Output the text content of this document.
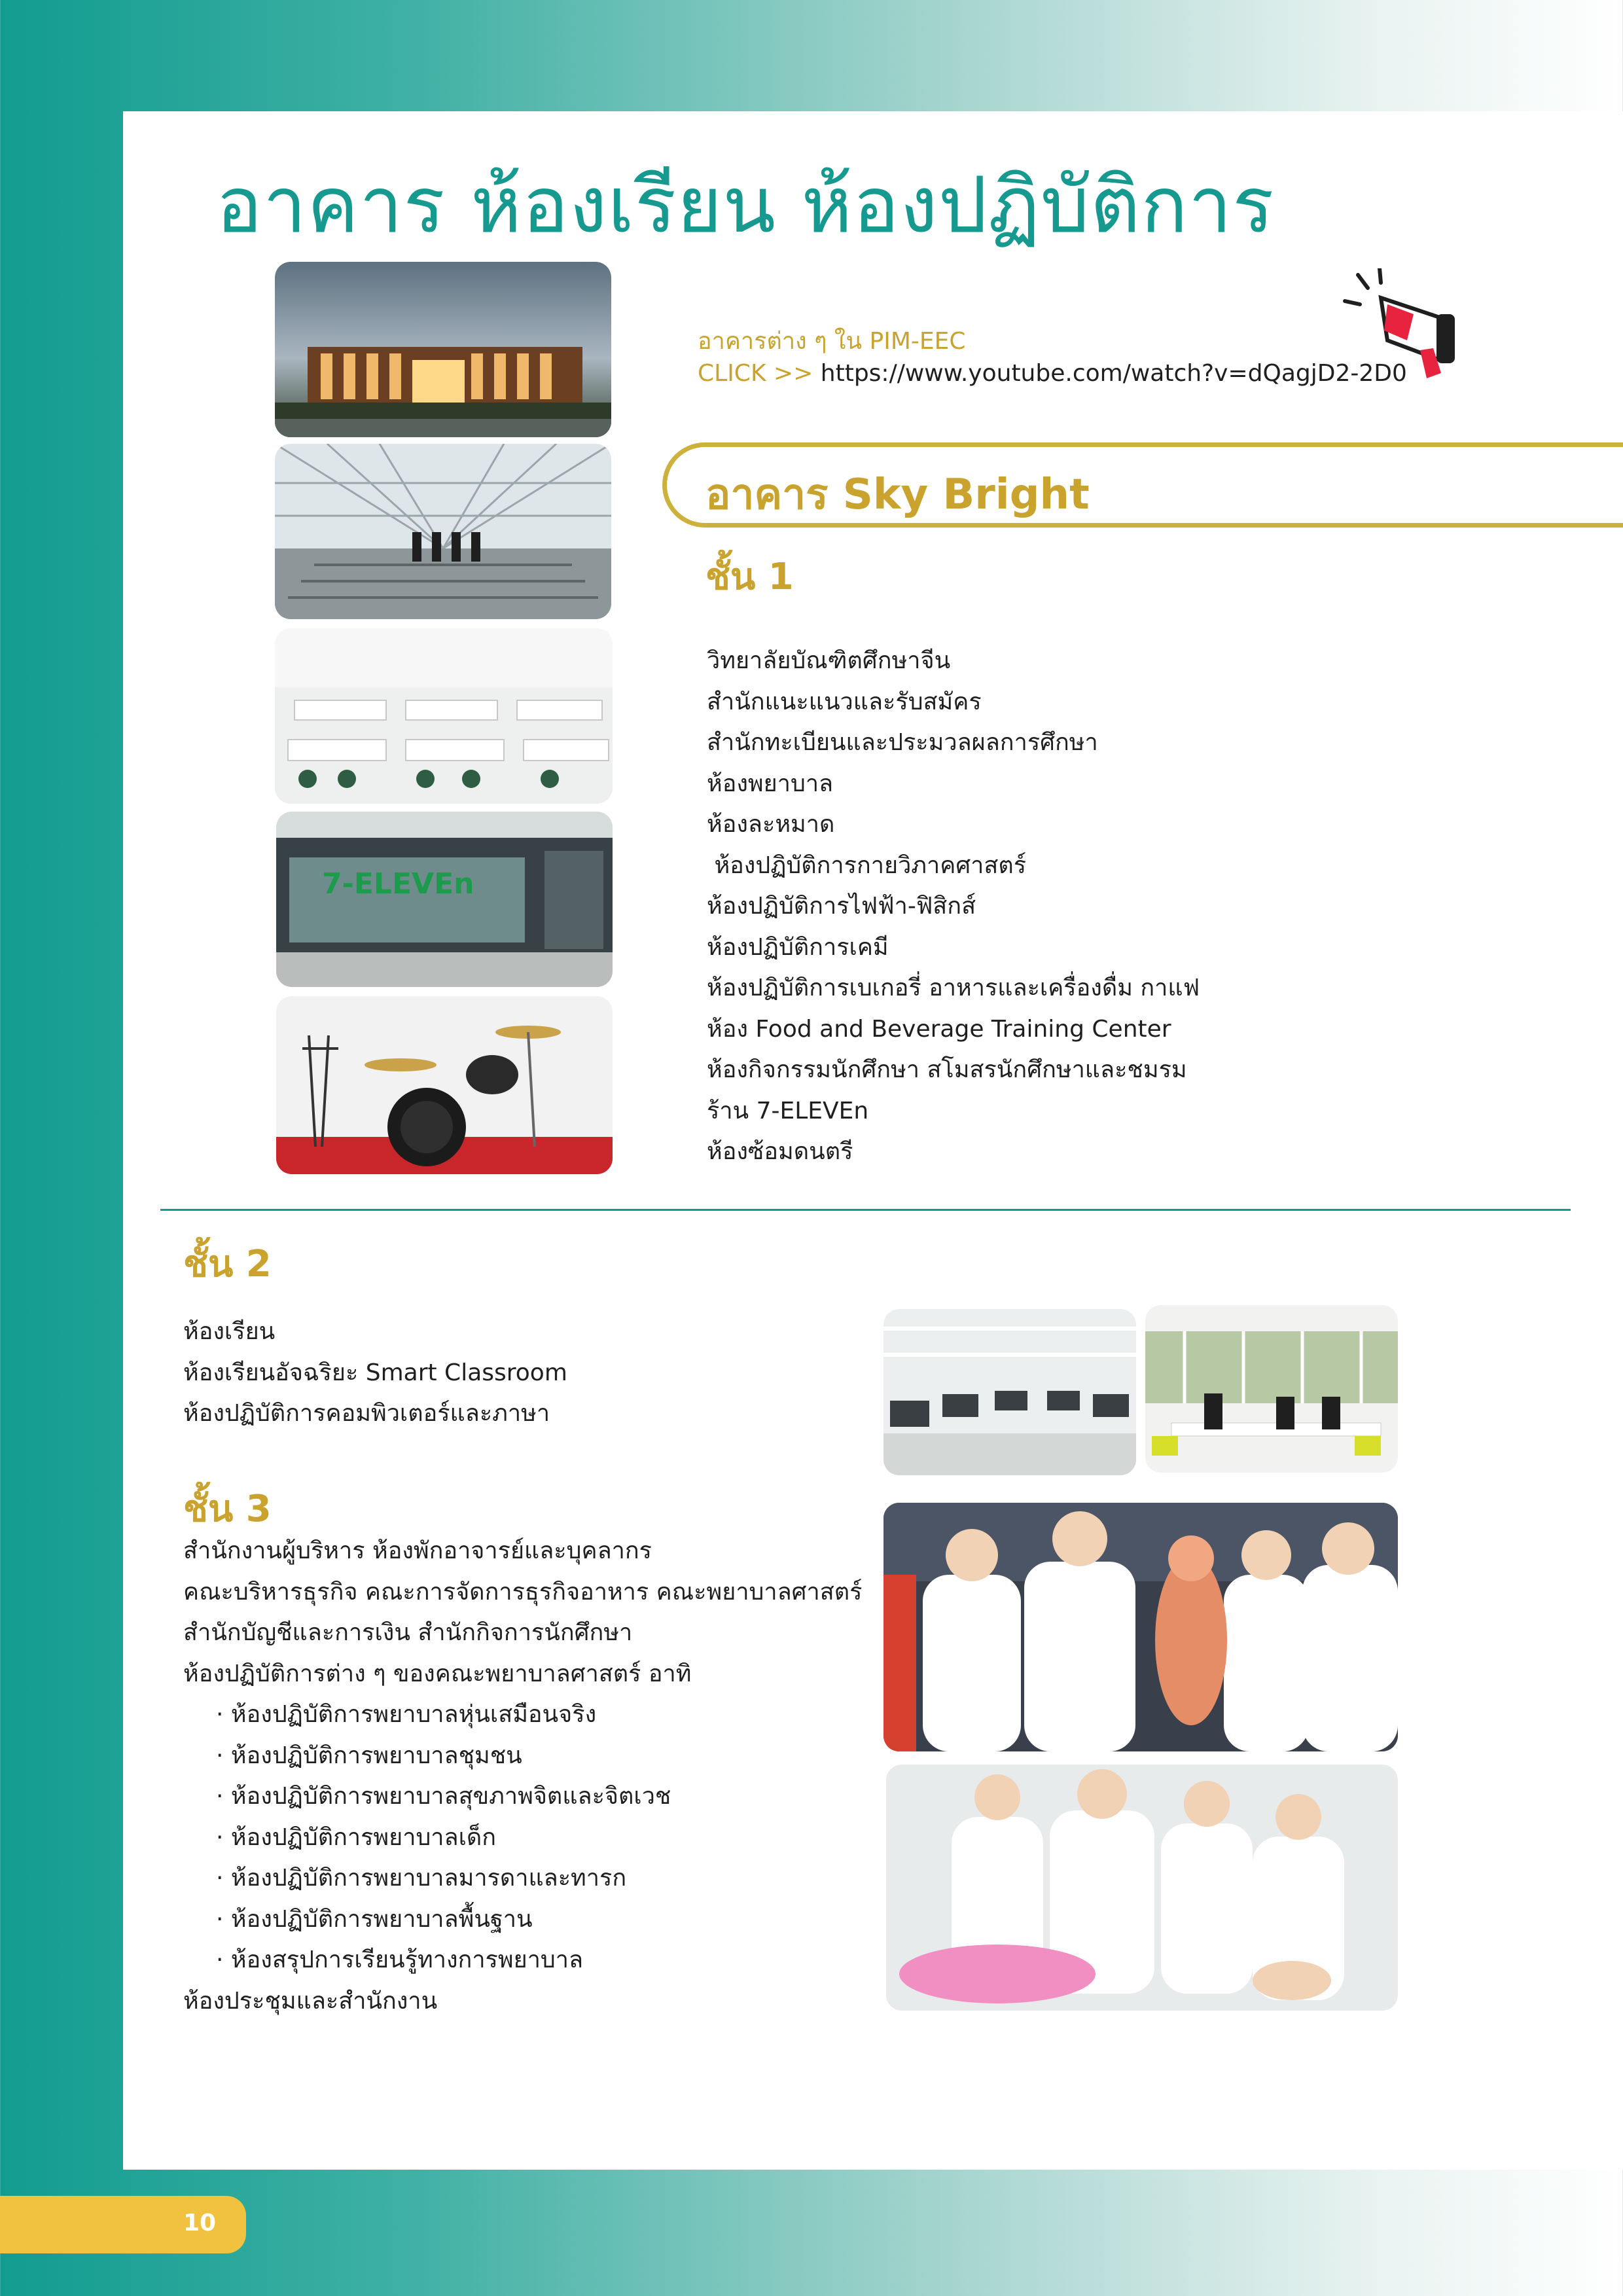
อาคาร ห้องเรียน ห้องปฏิบัติการ
7-ELEVEn
อาคารต่าง ๆ ใน PIM-EEC
CLICK >> https://www.youtube.com/watch?v=dQagjD2-2D0
อาคาร Sky Bright
ชั้น 1
วิทยาลัยบัณฑิตศึกษาจีน
สำนักแนะแนวและรับสมัคร
สำนักทะเบียนและประมวลผลการศึกษา
ห้องพยาบาล
ห้องละหมาด
ห้องปฏิบัติการกายวิภาคศาสตร์
ห้องปฏิบัติการไฟฟ้า-ฟิสิกส์
ห้องปฏิบัติการเคมี
ห้องปฏิบัติการเบเกอรี่ อาหารและเครื่องดื่ม กาแฟ
ห้อง Food and Beverage Training Center
ห้องกิจกรรมนักศึกษา สโมสรนักศึกษาและชมรม
ร้าน 7-ELEVEn
ห้องซ้อมดนตรี
ชั้น 2
ห้องเรียน
ห้องเรียนอัจฉริยะ Smart Classroom
ห้องปฏิบัติการคอมพิวเตอร์และภาษา
ชั้น 3
สำนักงานผู้บริหาร ห้องพักอาจารย์และบุคลากร
คณะบริหารธุรกิจ คณะการจัดการธุรกิจอาหาร คณะพยาบาลศาสตร์
สำนักบัญชีและการเงิน สำนักกิจการนักศึกษา
ห้องปฏิบัติการต่าง ๆ ของคณะพยาบาลศาสตร์ อาทิ
· ห้องปฏิบัติการพยาบาลหุ่นเสมือนจริง
· ห้องปฏิบัติการพยาบาลชุมชน
· ห้องปฏิบัติการพยาบาลสุขภาพจิตและจิตเวช
· ห้องปฏิบัติการพยาบาลเด็ก
· ห้องปฏิบัติการพยาบาลมารดาและทารก
· ห้องปฏิบัติการพยาบาลพื้นฐาน
· ห้องสรุปการเรียนรู้ทางการพยาบาล
ห้องประชุมและสำนักงาน
10
